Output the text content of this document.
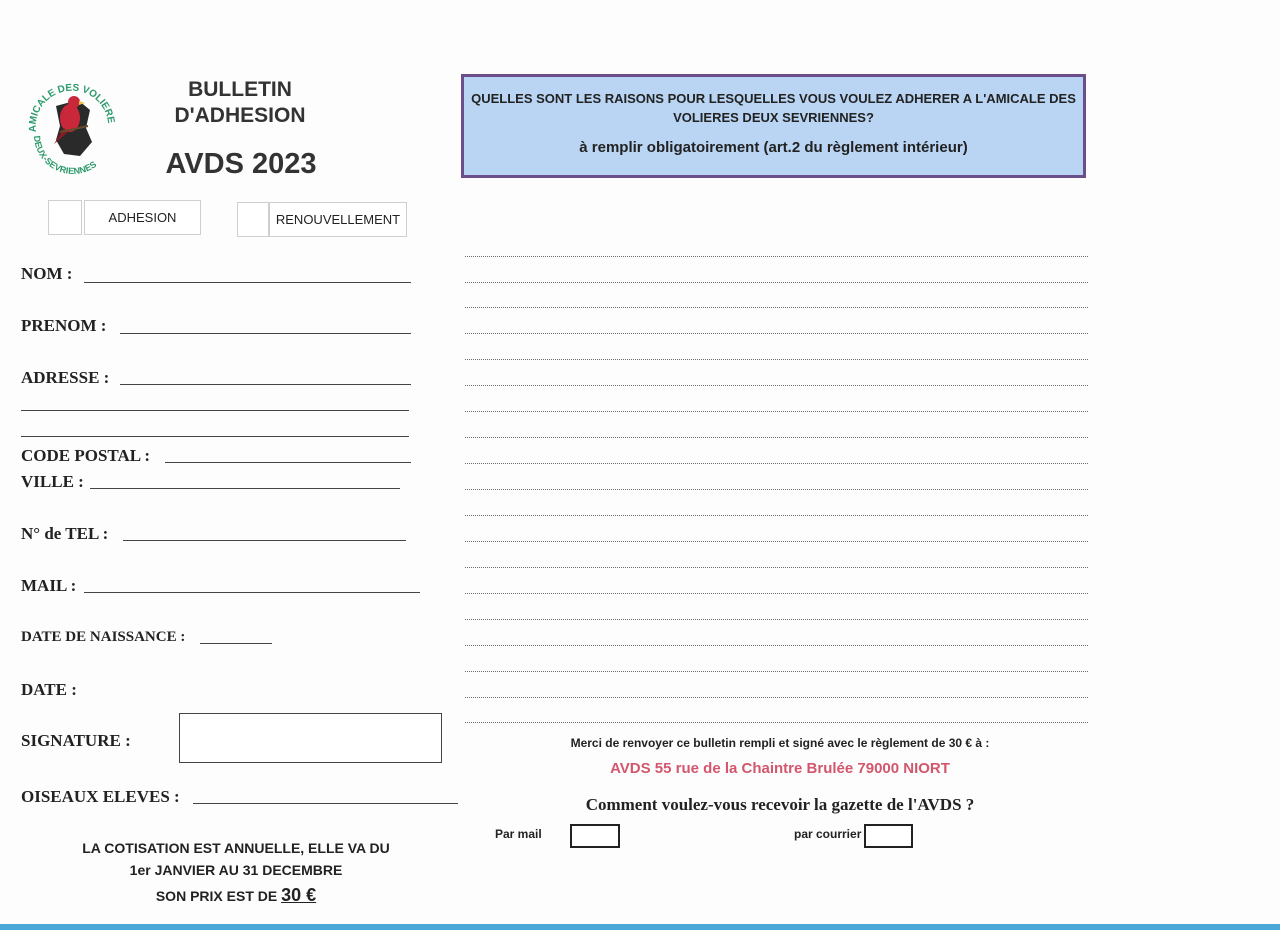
AMICALE DES VOLIERE
DEUX-SEVRIENNES
BULLETIN
D'ADHESION
AVDS 2023
ADHESION	RENOUVELLEMENT
NOM :
PRENOM :
ADRESSE :
CODE POSTAL :
VILLE :
N° de TEL :
MAIL :
DATE DE NAISSANCE :
DATE :
SIGNATURE :
OISEAUX ELEVES :
LA COTISATION EST ANNUELLE, ELLE VA DU
1er JANVIER AU 31 DECEMBRE
SON PRIX EST DE 30 €
QUELLES SONT LES RAISONS POUR LESQUELLES VOUS VOULEZ ADHERER A L'AMICALE DES
VOLIERES DEUX SEVRIENNES?
à remplir obligatoirement (art.2 du règlement intérieur)
Merci de renvoyer ce bulletin rempli et signé avec le règlement de 30 € à :
AVDS 55 rue de la Chaintre Brulée 79000 NIORT
Comment voulez-vous recevoir la gazette de l'AVDS ?
Par mail	par courrier
